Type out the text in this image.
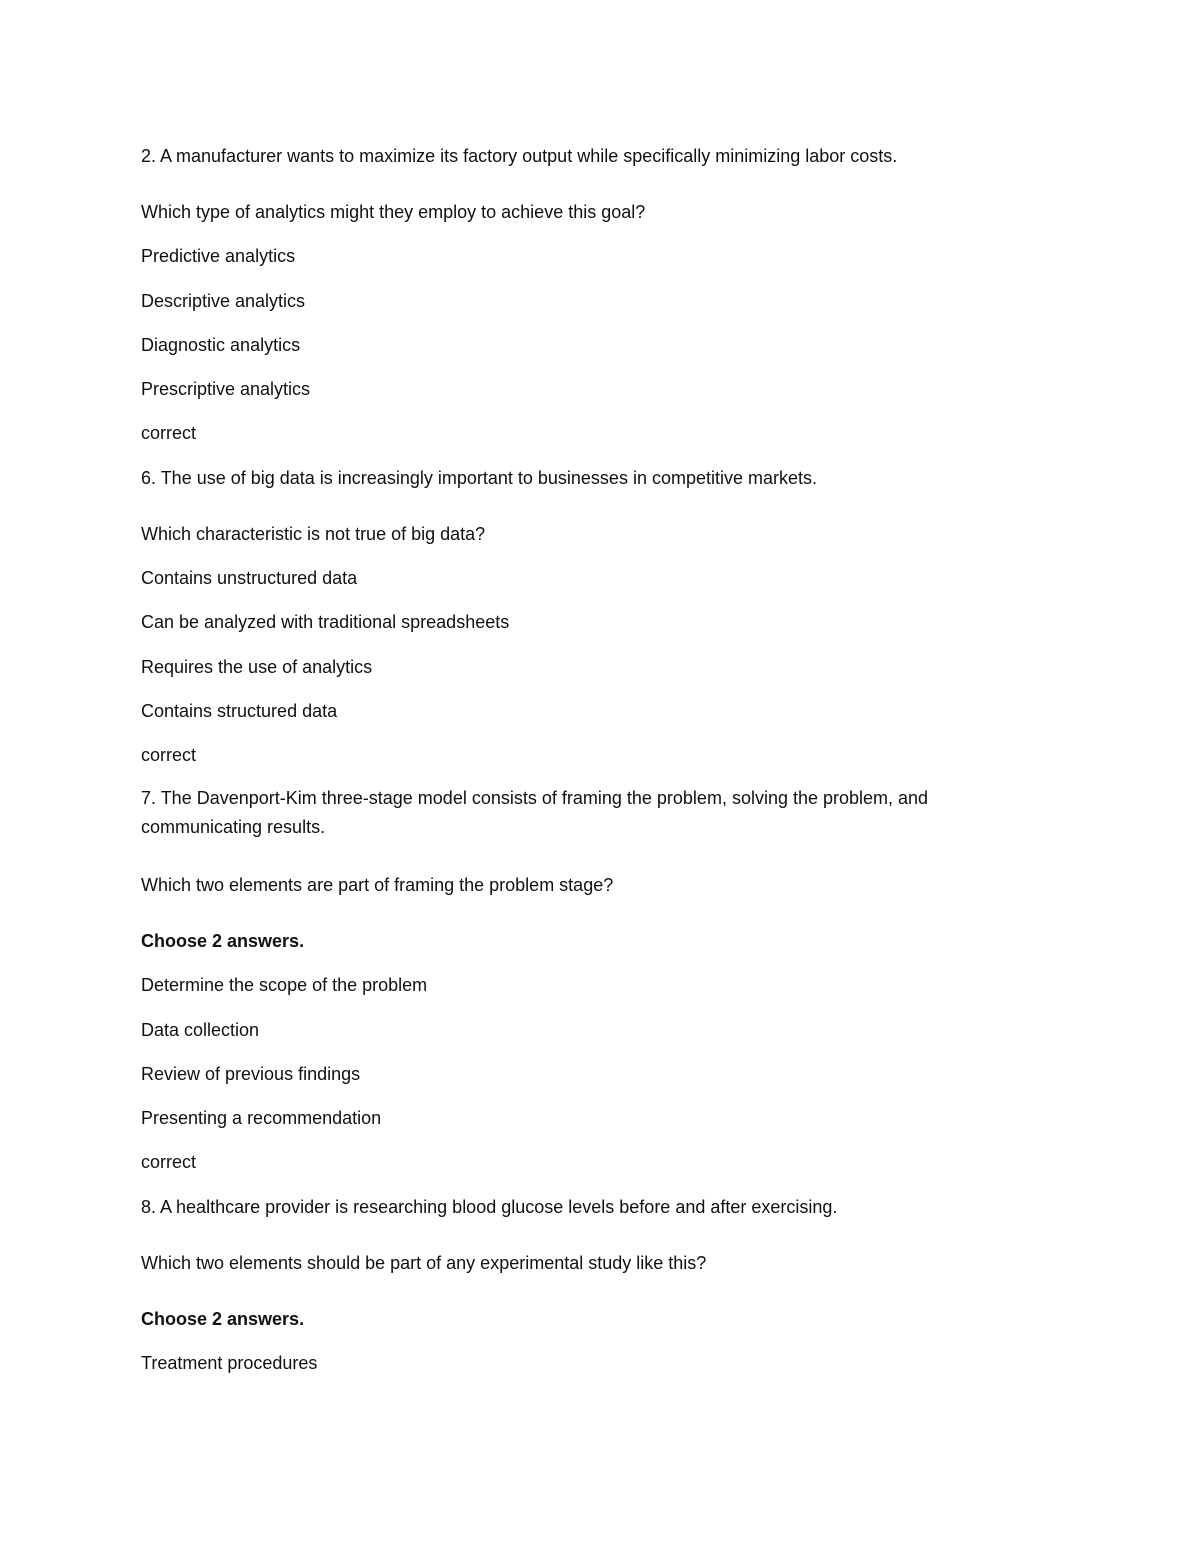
2. A manufacturer wants to maximize its factory output while specifically minimizing labor costs.

Which type of analytics might they employ to achieve this goal?

Predictive analytics

Descriptive analytics

Diagnostic analytics

Prescriptive analytics

correct

6. The use of big data is increasingly important to businesses in competitive markets.

Which characteristic is not true of big data?

Contains unstructured data

Can be analyzed with traditional spreadsheets

Requires the use of analytics

Contains structured data

correct

7. The Davenport-Kim three-stage model consists of framing the problem, solving the problem, and communicating results.

Which two elements are part of framing the problem stage?

Choose 2 answers.

Determine the scope of the problem

Data collection

Review of previous findings

Presenting a recommendation

correct

8. A healthcare provider is researching blood glucose levels before and after exercising.

Which two elements should be part of any experimental study like this?

Choose 2 answers.

Treatment procedures
